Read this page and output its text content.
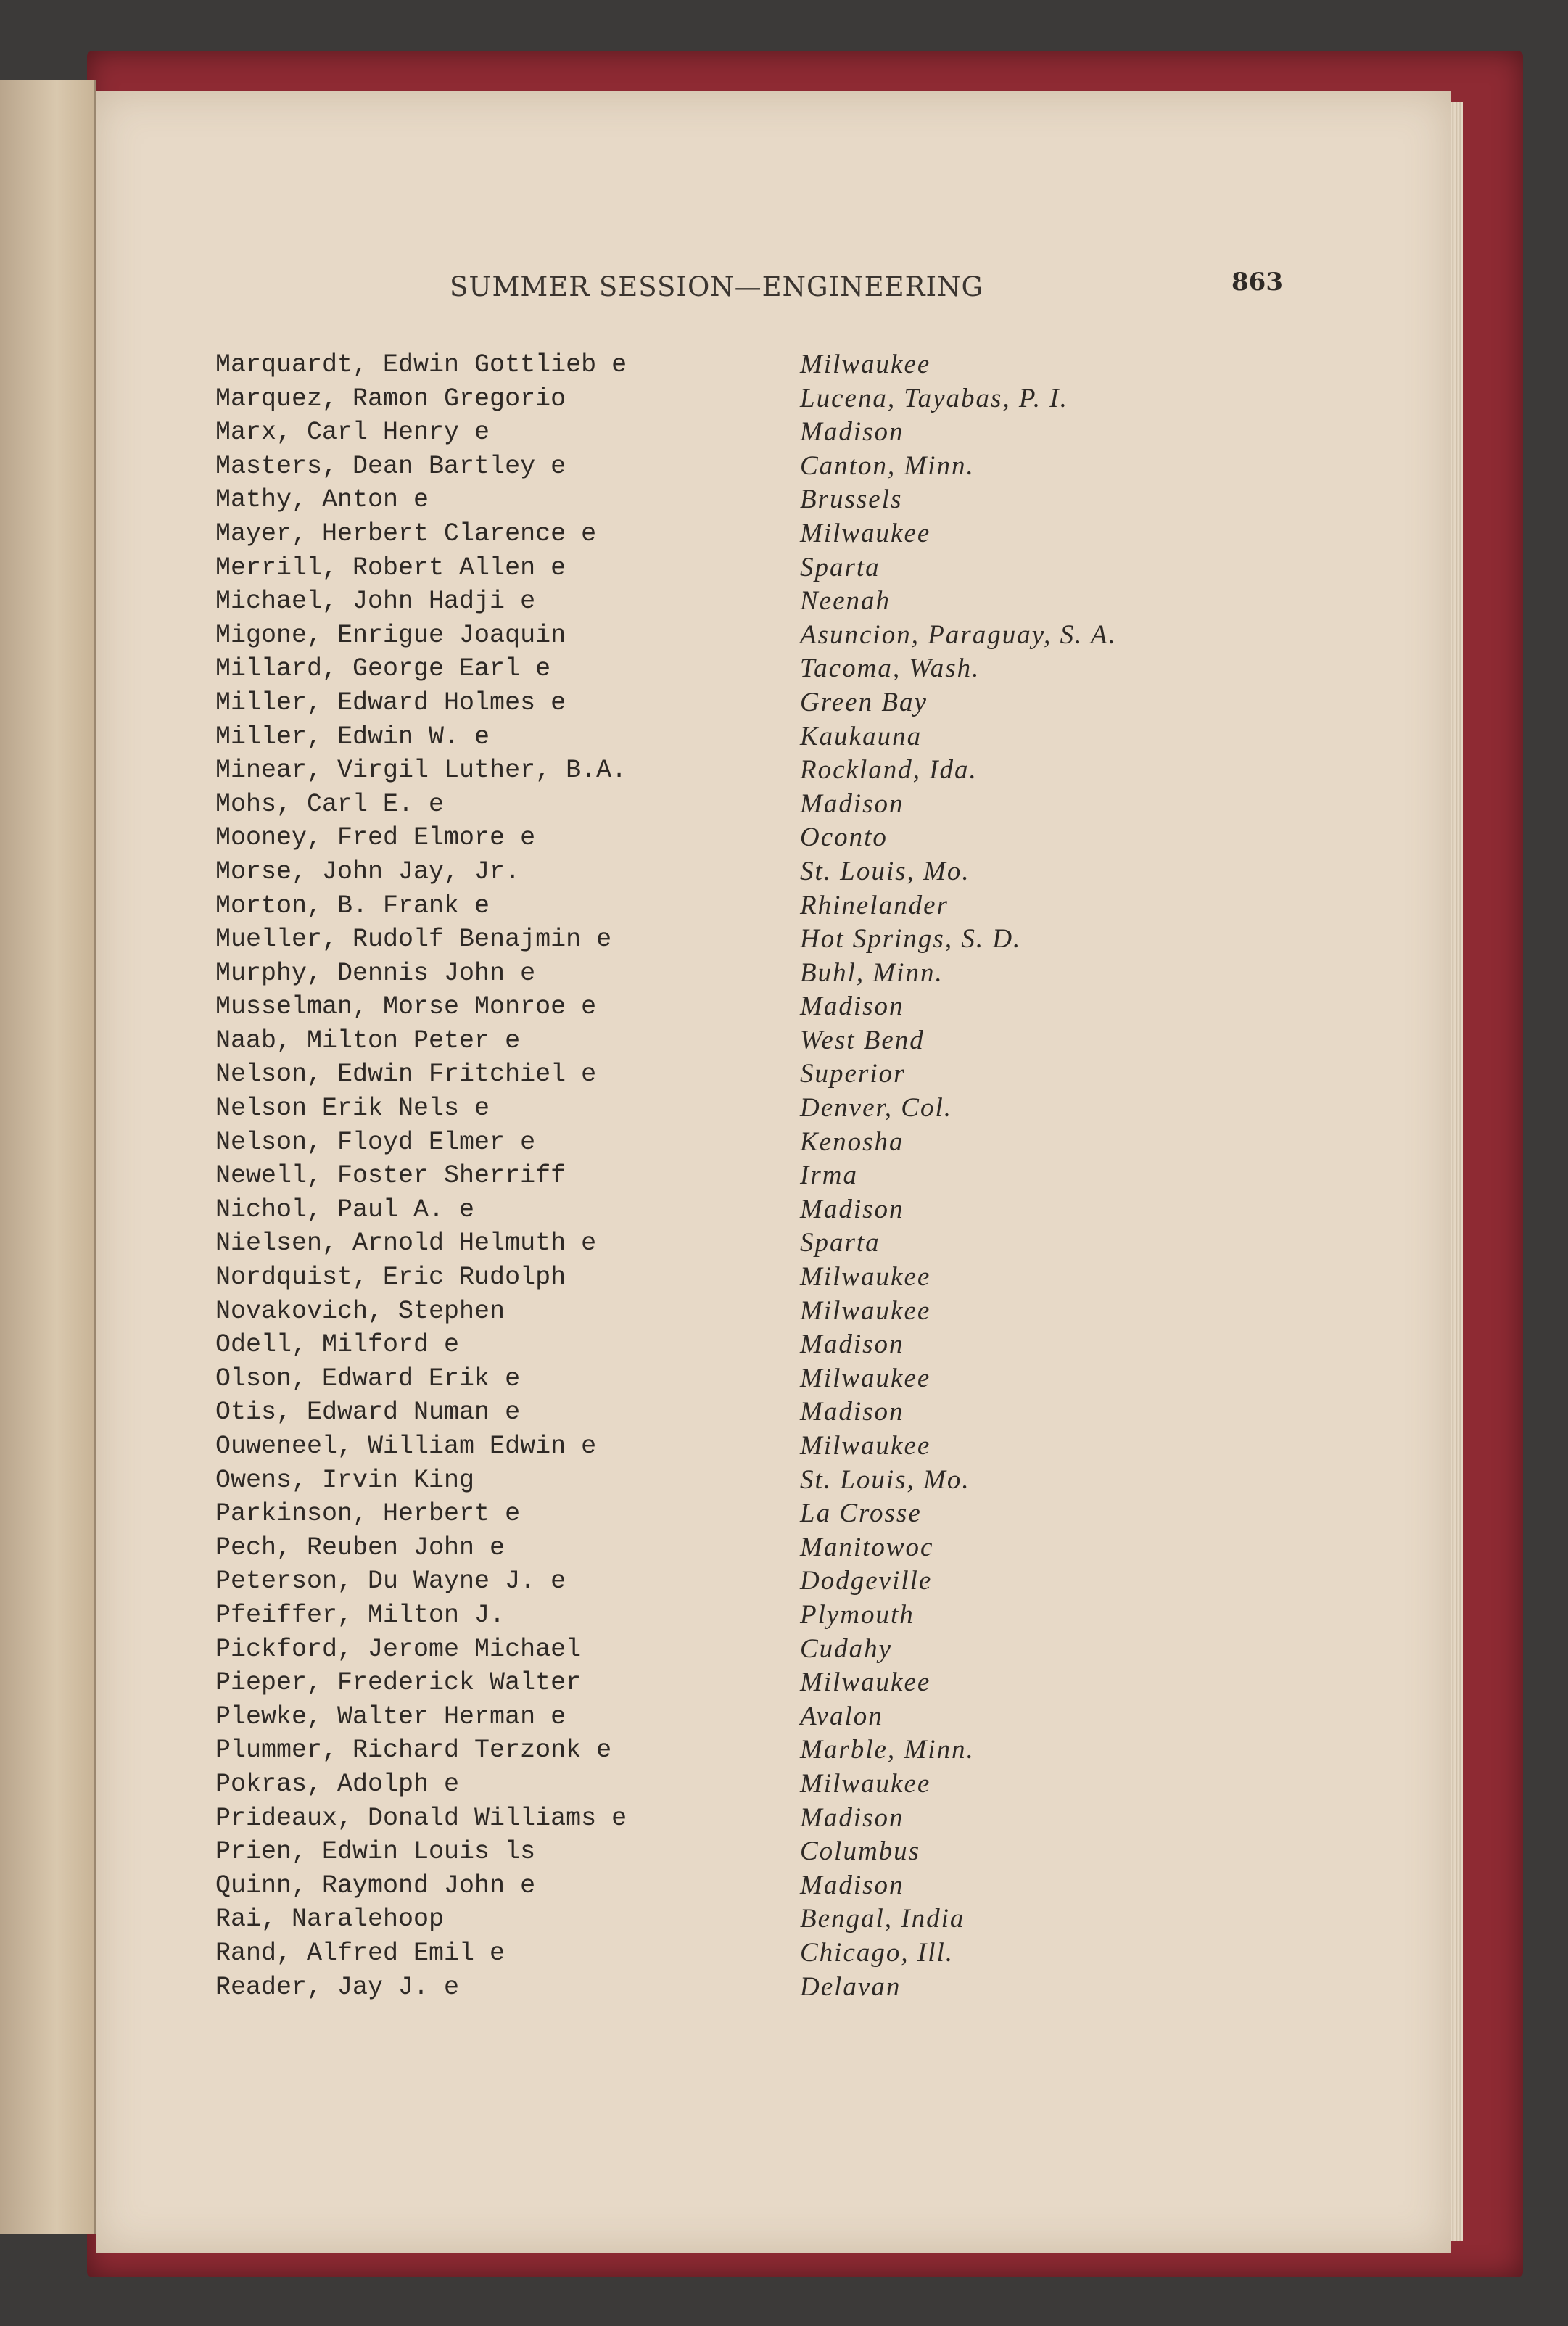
SUMMER SESSION—ENGINEERING	863
Marquardt, Edwin Gottlieb e	Milwaukee
Marquez, Ramon Gregorio	Lucena, Tayabas, P. I.
Marx, Carl Henry e	Madison
Masters, Dean Bartley e	Canton, Minn.
Mathy, Anton e	Brussels
Mayer, Herbert Clarence e	Milwaukee
Merrill, Robert Allen e	Sparta
Michael, John Hadji e	Neenah
Migone, Enrigue Joaquin	Asuncion, Paraguay, S. A.
Millard, George Earl e	Tacoma, Wash.
Miller, Edward Holmes e	Green Bay
Miller, Edwin W. e	Kaukauna
Minear, Virgil Luther, B.A.	Rockland, Ida.
Mohs, Carl E. e	Madison
Mooney, Fred Elmore e	Oconto
Morse, John Jay, Jr.	St. Louis, Mo.
Morton, B. Frank e	Rhinelander
Mueller, Rudolf Benajmin e	Hot Springs, S. D.
Murphy, Dennis John e	Buhl, Minn.
Musselman, Morse Monroe e	Madison
Naab, Milton Peter e	West Bend
Nelson, Edwin Fritchiel e	Superior
Nelson Erik Nels e	Denver, Col.
Nelson, Floyd Elmer e	Kenosha
Newell, Foster Sherriff	Irma
Nichol, Paul A. e	Madison
Nielsen, Arnold Helmuth e	Sparta
Nordquist, Eric Rudolph	Milwaukee
Novakovich, Stephen	Milwaukee
Odell, Milford e	Madison
Olson, Edward Erik e	Milwaukee
Otis, Edward Numan e	Madison
Ouweneel, William Edwin e	Milwaukee
Owens, Irvin King	St. Louis, Mo.
Parkinson, Herbert e	La Crosse
Pech, Reuben John e	Manitowoc
Peterson, Du Wayne J. e	Dodgeville
Pfeiffer, Milton J.	Plymouth
Pickford, Jerome Michael	Cudahy
Pieper, Frederick Walter	Milwaukee
Plewke, Walter Herman e	Avalon
Plummer, Richard Terzonk e	Marble, Minn.
Pokras, Adolph e	Milwaukee
Prideaux, Donald Williams e	Madison
Prien, Edwin Louis ls	Columbus
Quinn, Raymond John e	Madison
Rai, Naralehoop	Bengal, India
Rand, Alfred Emil e	Chicago, Ill.
Reader, Jay J. e	Delavan
